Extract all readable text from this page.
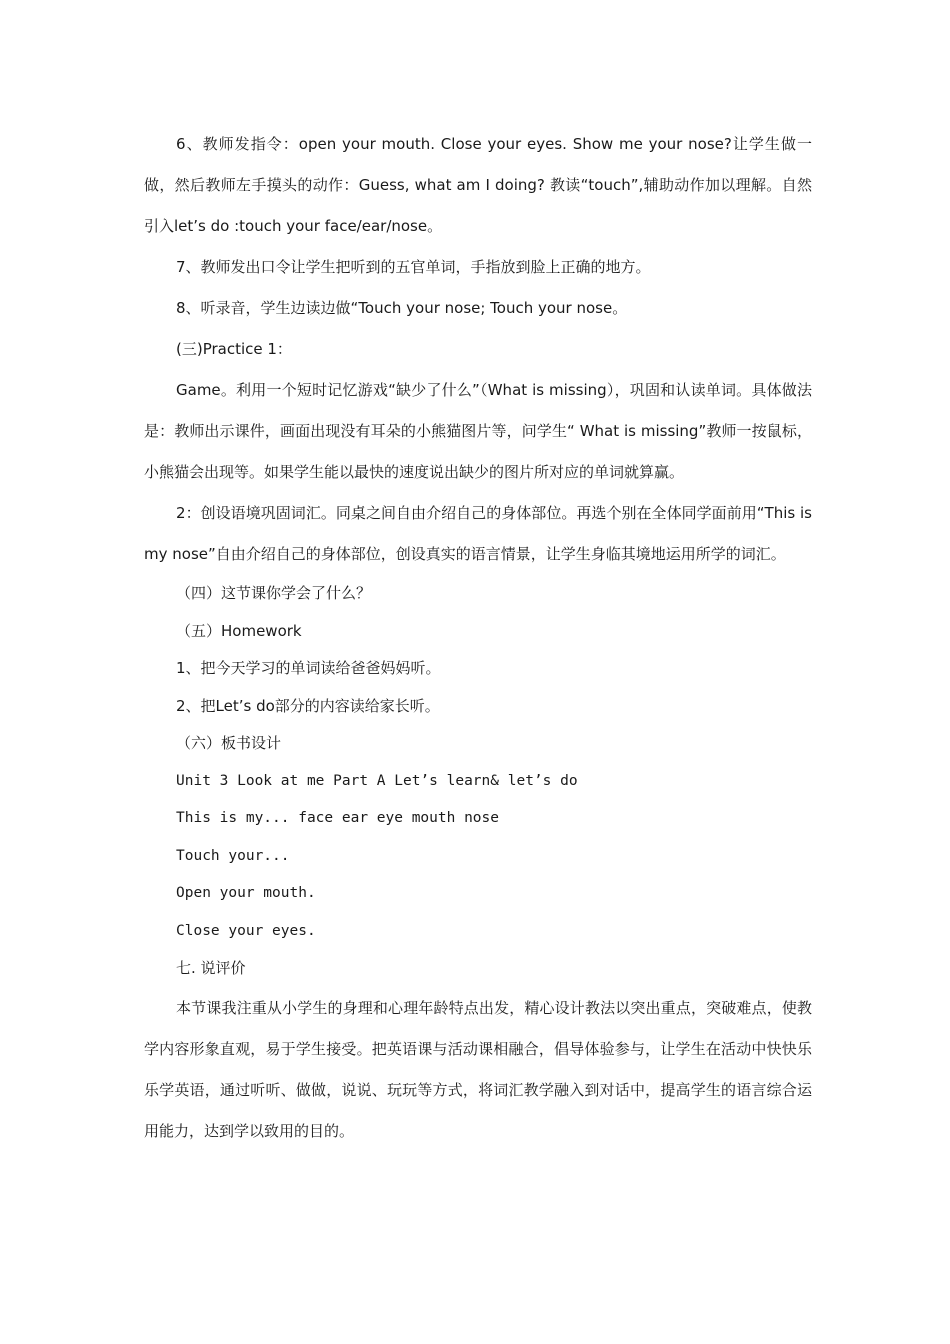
6、教师发指令：open your mouth. Close your eyes. Show me your nose?让学生做一做，然后教师左手摸头的动作：Guess, what am I doing? 教读“touch”,辅助动作加以理解。自然引入let’s do :touch your face/ear/nose。

7、教师发出口令让学生把听到的五官单词，手指放到脸上正确的地方。

8、听录音，学生边读边做“Touch your nose; Touch your nose。

(三)Practice 1：

Game。利用一个短时记忆游戏“缺少了什么”（What is missing），巩固和认读单词。具体做法是：教师出示课件，画面出现没有耳朵的小熊猫图片等，问学生“ What is missing”教师一按鼠标，小熊猫会出现等。如果学生能以最快的速度说出缺少的图片所对应的单词就算赢。

2：创设语境巩固词汇。同桌之间自由介绍自己的身体部位。再选个别在全体同学面前用“This is my nose”自由介绍自己的身体部位，创设真实的语言情景，让学生身临其境地运用所学的词汇。

（四）这节课你学会了什么？

（五）Homework

1、把今天学习的单词读给爸爸妈妈听。

2、把Let’s do部分的内容读给家长听。

（六）板书设计

Unit 3 Look at me Part A Let’s learn& let’s do

This is my... face ear eye mouth nose

Touch your...

Open your mouth.

Close your eyes.

七. 说评价

本节课我注重从小学生的身理和心理年龄特点出发，精心设计教法以突出重点，突破难点，使教学内容形象直观，易于学生接受。把英语课与活动课相融合，倡导体验参与，让学生在活动中快快乐乐学英语，通过听听、做做，说说、玩玩等方式，将词汇教学融入到对话中，提高学生的语言综合运用能力，达到学以致用的目的。
